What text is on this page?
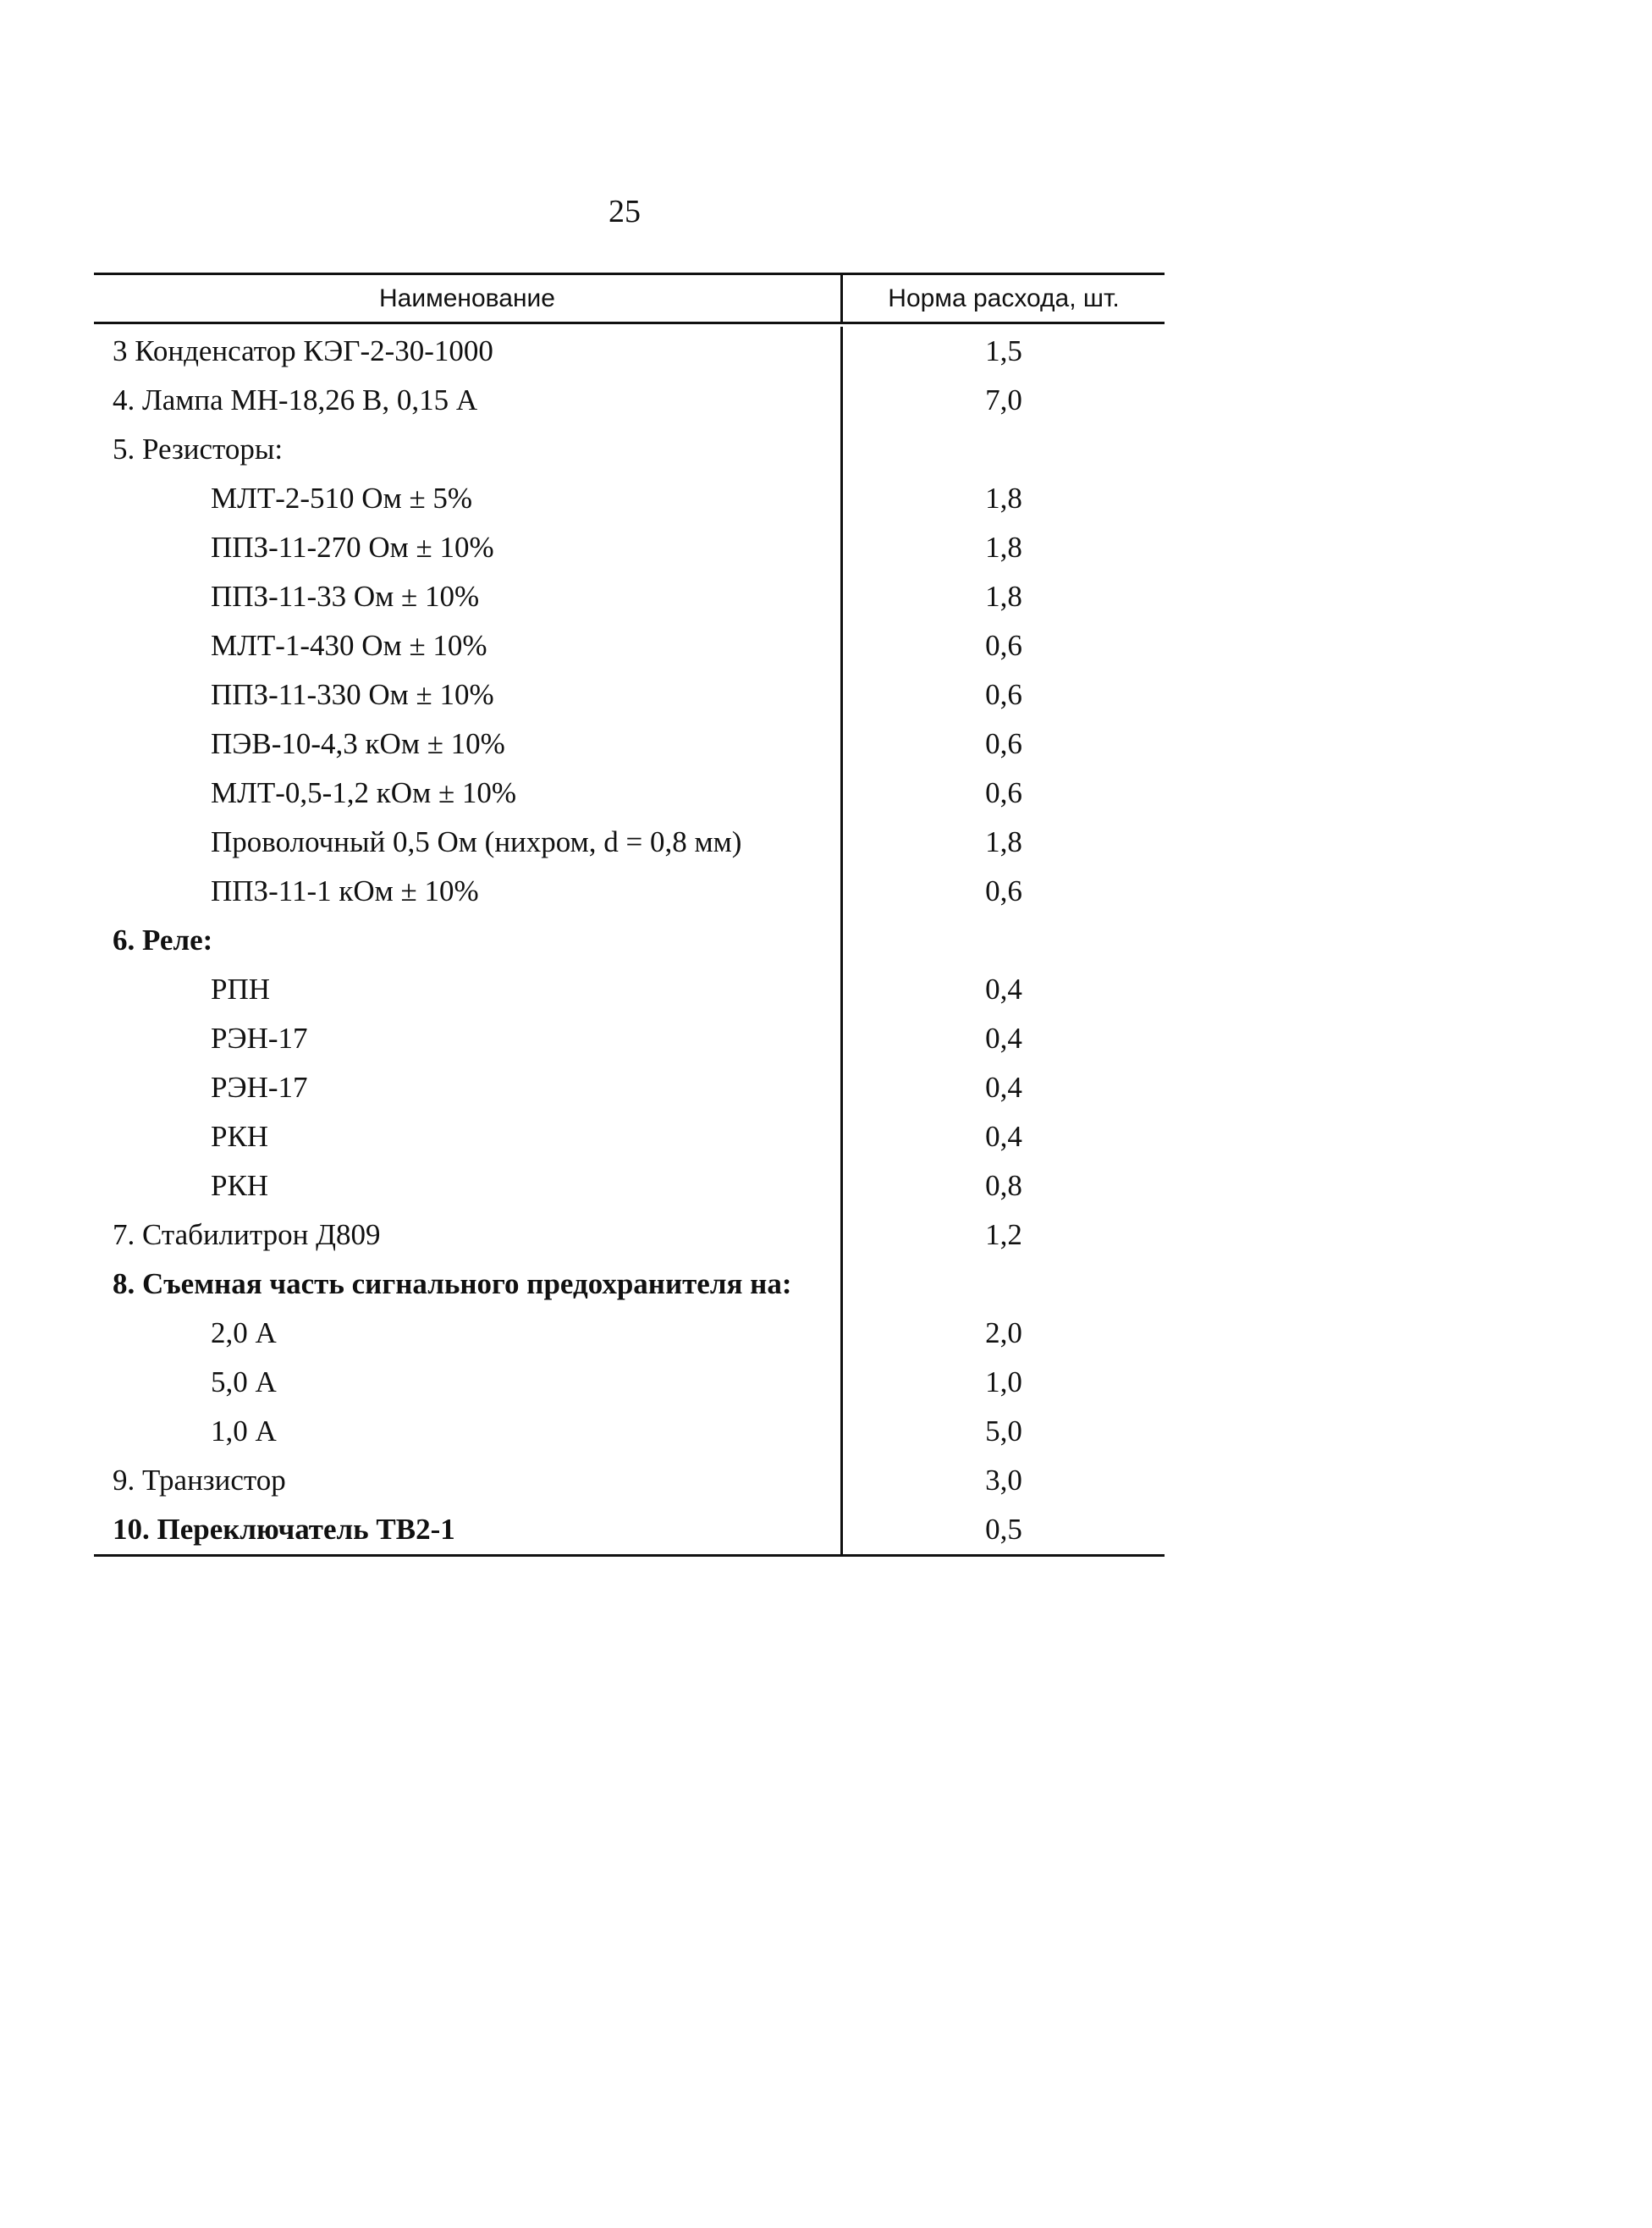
25
Наименование	Норма расхода, шт.
3 Конденсатор КЭГ-2-30-1000	1,5
4. Лампа МН-18,26 В, 0,15 А	7,0
5. Резисторы:
МЛТ-2-510 Ом ± 5%	1,8
ППЗ-11-270 Ом ± 10%	1,8
ППЗ-11-33 Ом ± 10%	1,8
МЛТ-1-430 Ом ± 10%	0,6
ППЗ-11-330 Ом ± 10%	0,6
ПЭВ-10-4,3 кОм ± 10%	0,6
МЛТ-0,5-1,2 кОм ± 10%	0,6
Проволочный 0,5 Ом (нихром, d = 0,8 мм)	1,8
ППЗ-11-1 кОм ± 10%	0,6
6. Реле:
РПН	0,4
РЭН-17	0,4
РЭН-17	0,4
РКН	0,4
РКН	0,8
7. Стабилитрон Д809	1,2
8. Съемная часть сигнального предохранителя на:
2,0 А	2,0
5,0 А	1,0
1,0 А	5,0
9. Транзистор	3,0
10. Переключатель ТВ2-1	0,5
